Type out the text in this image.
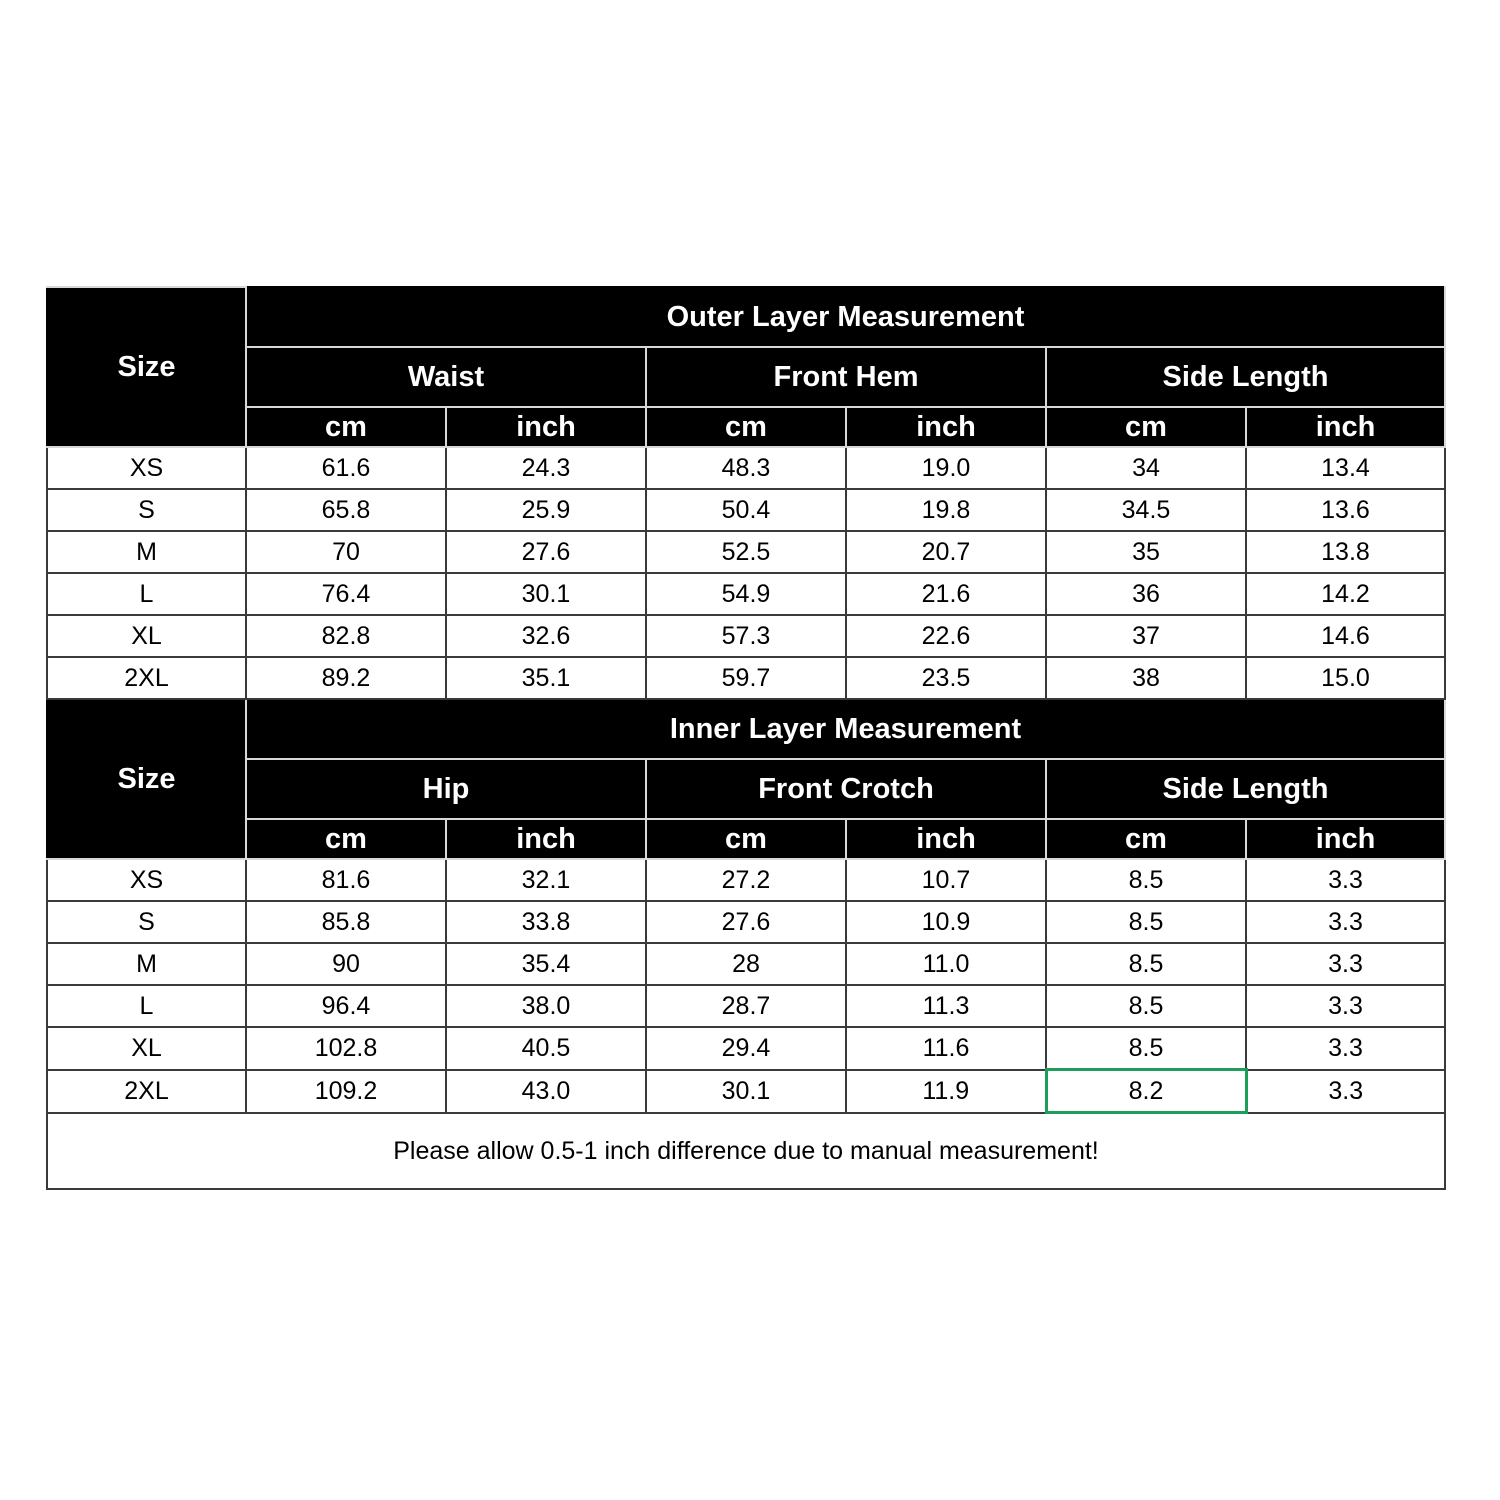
Size	Outer Layer Measurement					
	Waist		Front Hem		Side Length	
	cm	inch	cm	inch	cm	inch
XS	61.6	24.3	48.3	19.0	34	13.4
S	65.8	25.9	50.4	19.8	34.5	13.6
M	70	27.6	52.5	20.7	35	13.8
L	76.4	30.1	54.9	21.6	36	14.2
XL	82.8	32.6	57.3	22.6	37	14.6
2XL	89.2	35.1	59.7	23.5	38	15.0
Size	Inner Layer Measurement					
	Hip		Front Crotch		Side Length	
	cm	inch	cm	inch	cm	inch
XS	81.6	32.1	27.2	10.7	8.5	3.3
S	85.8	33.8	27.6	10.9	8.5	3.3
M	90	35.4	28	11.0	8.5	3.3
L	96.4	38.0	28.7	11.3	8.5	3.3
XL	102.8	40.5	29.4	11.6	8.5	3.3
2XL	109.2	43.0	30.1	11.9	8.2	3.3
Please allow 0.5-1 inch difference due to manual measurement!						
